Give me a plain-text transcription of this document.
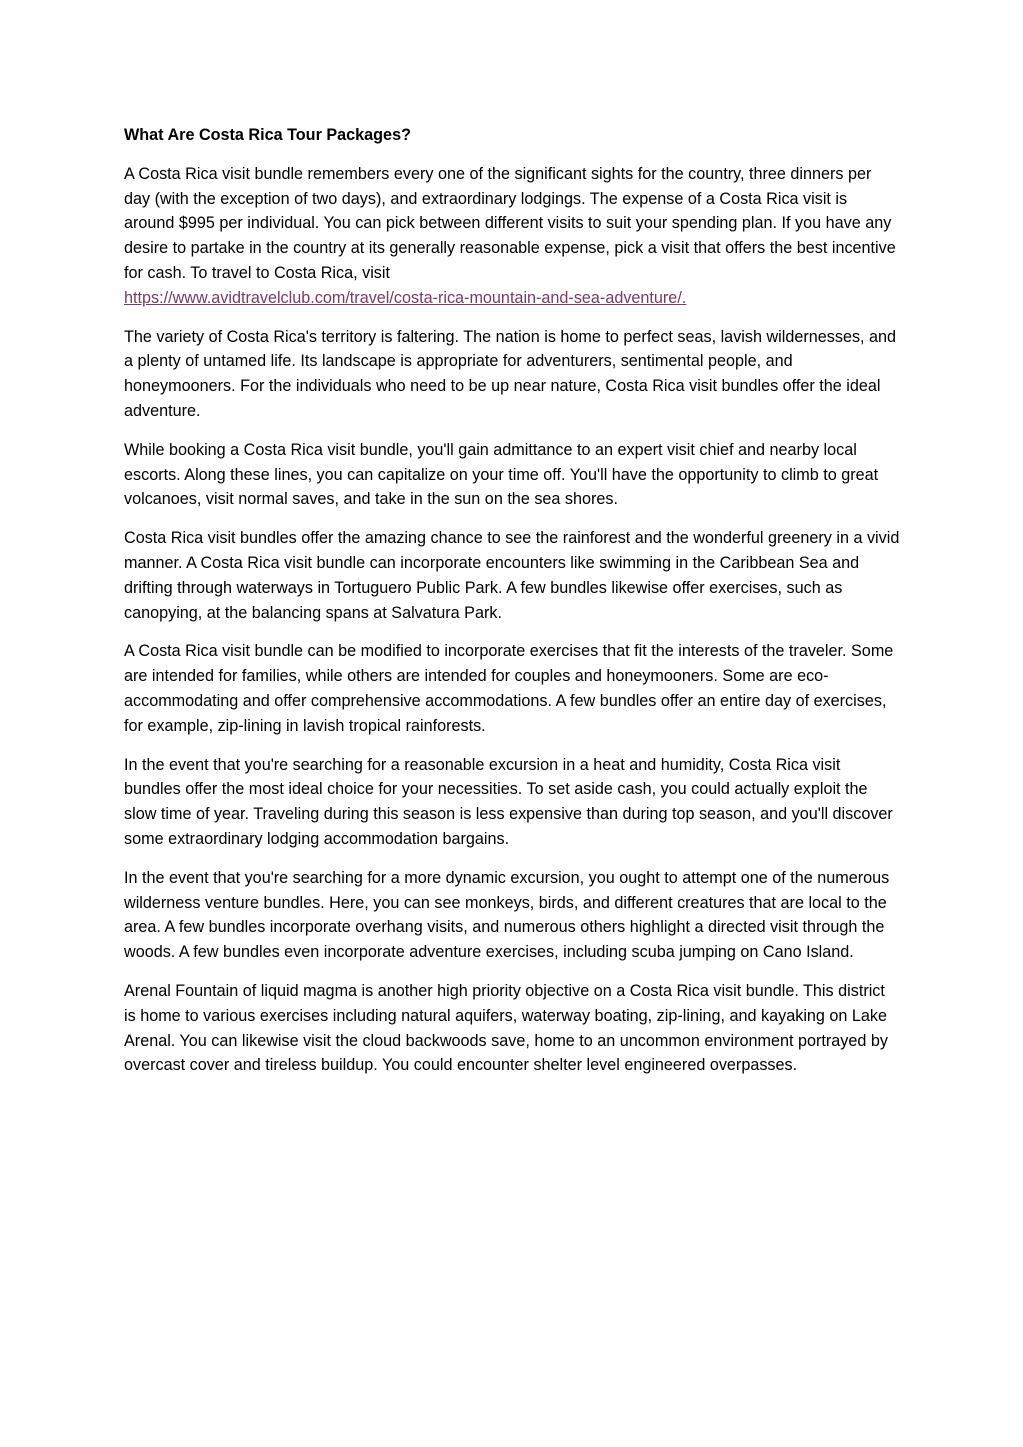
What Are Costa Rica Tour Packages?
A Costa Rica visit bundle remembers every one of the significant sights for the country, three dinners per day (with the exception of two days), and extraordinary lodgings. The expense of a Costa Rica visit is around $995 per individual. You can pick between different visits to suit your spending plan. If you have any desire to partake in the country at its generally reasonable expense, pick a visit that offers the best incentive for cash. To travel to Costa Rica, visit
https://www.avidtravelclub.com/travel/costa-rica-mountain-and-sea-adventure/.
The variety of Costa Rica's territory is faltering. The nation is home to perfect seas, lavish wildernesses, and a plenty of untamed life. Its landscape is appropriate for adventurers, sentimental people, and honeymooners. For the individuals who need to be up near nature, Costa Rica visit bundles offer the ideal adventure.
While booking a Costa Rica visit bundle, you'll gain admittance to an expert visit chief and nearby local escorts. Along these lines, you can capitalize on your time off. You'll have the opportunity to climb to great volcanoes, visit normal saves, and take in the sun on the sea shores.
Costa Rica visit bundles offer the amazing chance to see the rainforest and the wonderful greenery in a vivid manner. A Costa Rica visit bundle can incorporate encounters like swimming in the Caribbean Sea and drifting through waterways in Tortuguero Public Park. A few bundles likewise offer exercises, such as canopying, at the balancing spans at Salvatura Park.
A Costa Rica visit bundle can be modified to incorporate exercises that fit the interests of the traveler. Some are intended for families, while others are intended for couples and honeymooners. Some are eco-accommodating and offer comprehensive accommodations. A few bundles offer an entire day of exercises, for example, zip-lining in lavish tropical rainforests.
In the event that you're searching for a reasonable excursion in a heat and humidity, Costa Rica visit bundles offer the most ideal choice for your necessities. To set aside cash, you could actually exploit the slow time of year. Traveling during this season is less expensive than during top season, and you'll discover some extraordinary lodging accommodation bargains.
In the event that you're searching for a more dynamic excursion, you ought to attempt one of the numerous wilderness venture bundles. Here, you can see monkeys, birds, and different creatures that are local to the area. A few bundles incorporate overhang visits, and numerous others highlight a directed visit through the woods. A few bundles even incorporate adventure exercises, including scuba jumping on Cano Island.
Arenal Fountain of liquid magma is another high priority objective on a Costa Rica visit bundle. This district is home to various exercises including natural aquifers, waterway boating, zip-lining, and kayaking on Lake Arenal. You can likewise visit the cloud backwoods save, home to an uncommon environment portrayed by overcast cover and tireless buildup. You could encounter shelter level engineered overpasses.
